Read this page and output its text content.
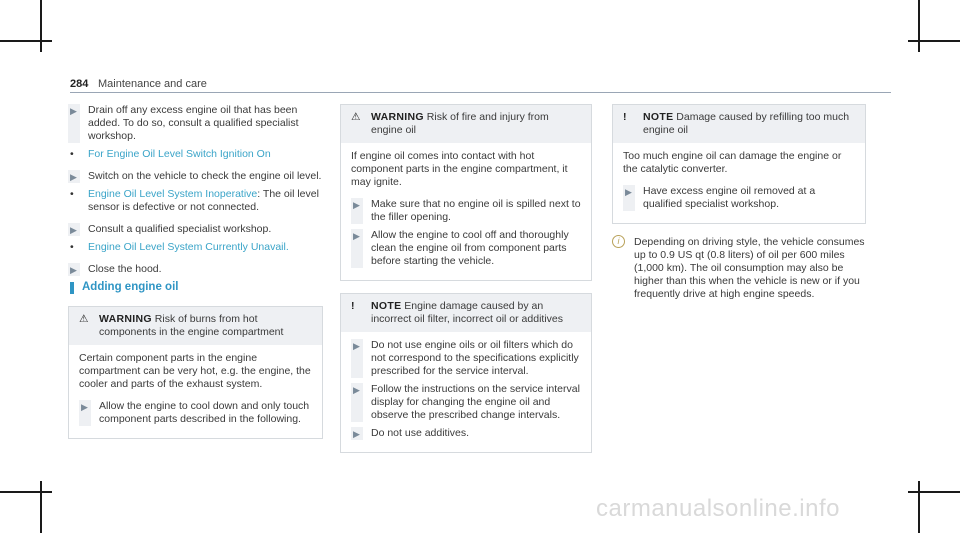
284 Maintenance and care
▶ Drain off any excess engine oil that has been added. To do so, consult a qualified specialist workshop.
• For Engine Oil Level Switch Ignition On
▶ Switch on the vehicle to check the engine oil level.
• Engine Oil Level System Inoperative: The oil level sensor is defective or not connected.
▶ Consult a qualified specialist workshop.
• Engine Oil Level System Currently Unavail.
▶ Close the hood.
Adding engine oil
⚠ WARNING Risk of burns from hot components in the engine compartment

Certain component parts in the engine compartment can be very hot, e.g. the engine, the cooler and parts of the exhaust system.

▶ Allow the engine to cool down and only touch component parts described in the following.
⚠ WARNING Risk of fire and injury from engine oil

If engine oil comes into contact with hot component parts in the engine compartment, it may ignite.

▶ Make sure that no engine oil is spilled next to the filler opening.
▶ Allow the engine to cool off and thoroughly clean the engine oil from component parts before starting the vehicle.
! NOTE Engine damage caused by an incorrect oil filter, incorrect oil or additives
▶ Do not use engine oils or oil filters which do not correspond to the specifications explicitly prescribed for the service interval.
▶ Follow the instructions on the service interval display for changing the engine oil and observe the prescribed change intervals.
▶ Do not use additives.
! NOTE Damage caused by refilling too much engine oil

Too much engine oil can damage the engine or the catalytic converter.

▶ Have excess engine oil removed at a qualified specialist workshop.
i	Depending on driving style, the vehicle consumes up to 0.9 US qt (0.8 liters) of oil per 600 miles (1,000 km). The oil consumption may also be higher than this when the vehicle is new or if you frequently drive at high engine speeds.
carmanualsonline.info
